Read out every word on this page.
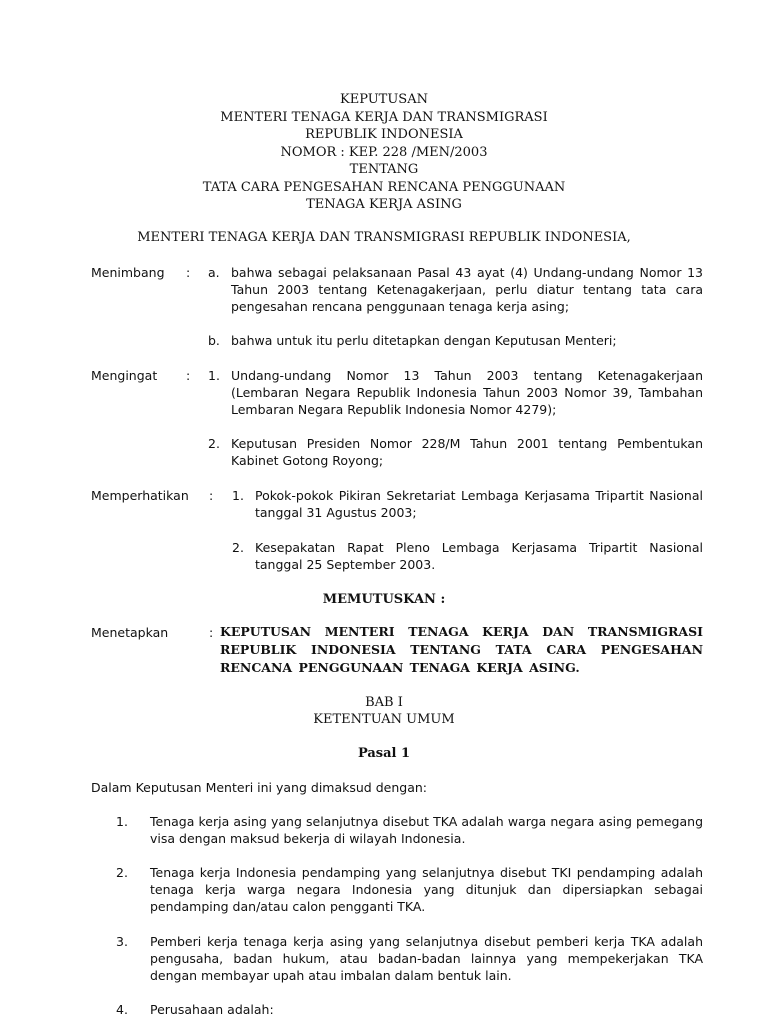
KEPUTUSAN
MENTERI TENAGA KERJA DAN TRANSMIGRASI
REPUBLIK INDONESIA
NOMOR : KEP. 228 /MEN/2003
TENTANG
TATA CARA PENGESAHAN RENCANA PENGGUNAAN
TENAGA KERJA ASING
MENTERI TENAGA KERJA DAN TRANSMIGRASI REPUBLIK INDONESIA,
Menimbang : a. bahwa sebagai pelaksanaan Pasal 43 ayat (4) Undang-undang Nomor 13 Tahun 2003 tentang Ketenagakerjaan, perlu diatur tentang tata cara pengesahan rencana penggunaan tenaga kerja asing;
b. bahwa untuk itu perlu ditetapkan dengan Keputusan Menteri;
Mengingat : 1. Undang-undang Nomor 13 Tahun 2003 tentang Ketenagakerjaan (Lembaran Negara Republik Indonesia Tahun 2003 Nomor 39, Tambahan Lembaran Negara Republik Indonesia Nomor 4279);
2. Keputusan Presiden Nomor 228/M Tahun 2001 tentang Pembentukan Kabinet Gotong Royong;
Memperhatikan : 1. Pokok-pokok Pikiran Sekretariat Lembaga Kerjasama Tripartit Nasional tanggal 31 Agustus 2003;
2. Kesepakatan Rapat Pleno Lembaga Kerjasama Tripartit Nasional tanggal 25 September 2003.
MEMUTUSKAN :
Menetapkan	: KEPUTUSAN MENTERI TENAGA KERJA DAN TRANSMIGRASI REPUBLIK INDONESIA TENTANG TATA CARA PENGESAHAN RENCANA PENGGUNAAN TENAGA KERJA ASING.
BAB I
KETENTUAN UMUM
Pasal 1
Dalam Keputusan Menteri ini yang dimaksud dengan:
1. Tenaga kerja asing yang selanjutnya disebut TKA adalah warga negara asing pemegang visa dengan maksud bekerja di wilayah Indonesia.
2. Tenaga kerja Indonesia pendamping yang selanjutnya disebut TKI pendamping adalah tenaga kerja warga negara Indonesia yang ditunjuk dan dipersiapkan sebagai pendamping dan/atau calon pengganti TKA.
3. Pemberi kerja tenaga kerja asing yang selanjutnya disebut pemberi kerja TKA adalah pengusaha, badan hukum, atau badan-badan lainnya yang mempekerjakan TKA dengan membayar upah atau imbalan dalam bentuk lain.
4. Perusahaan adalah:
